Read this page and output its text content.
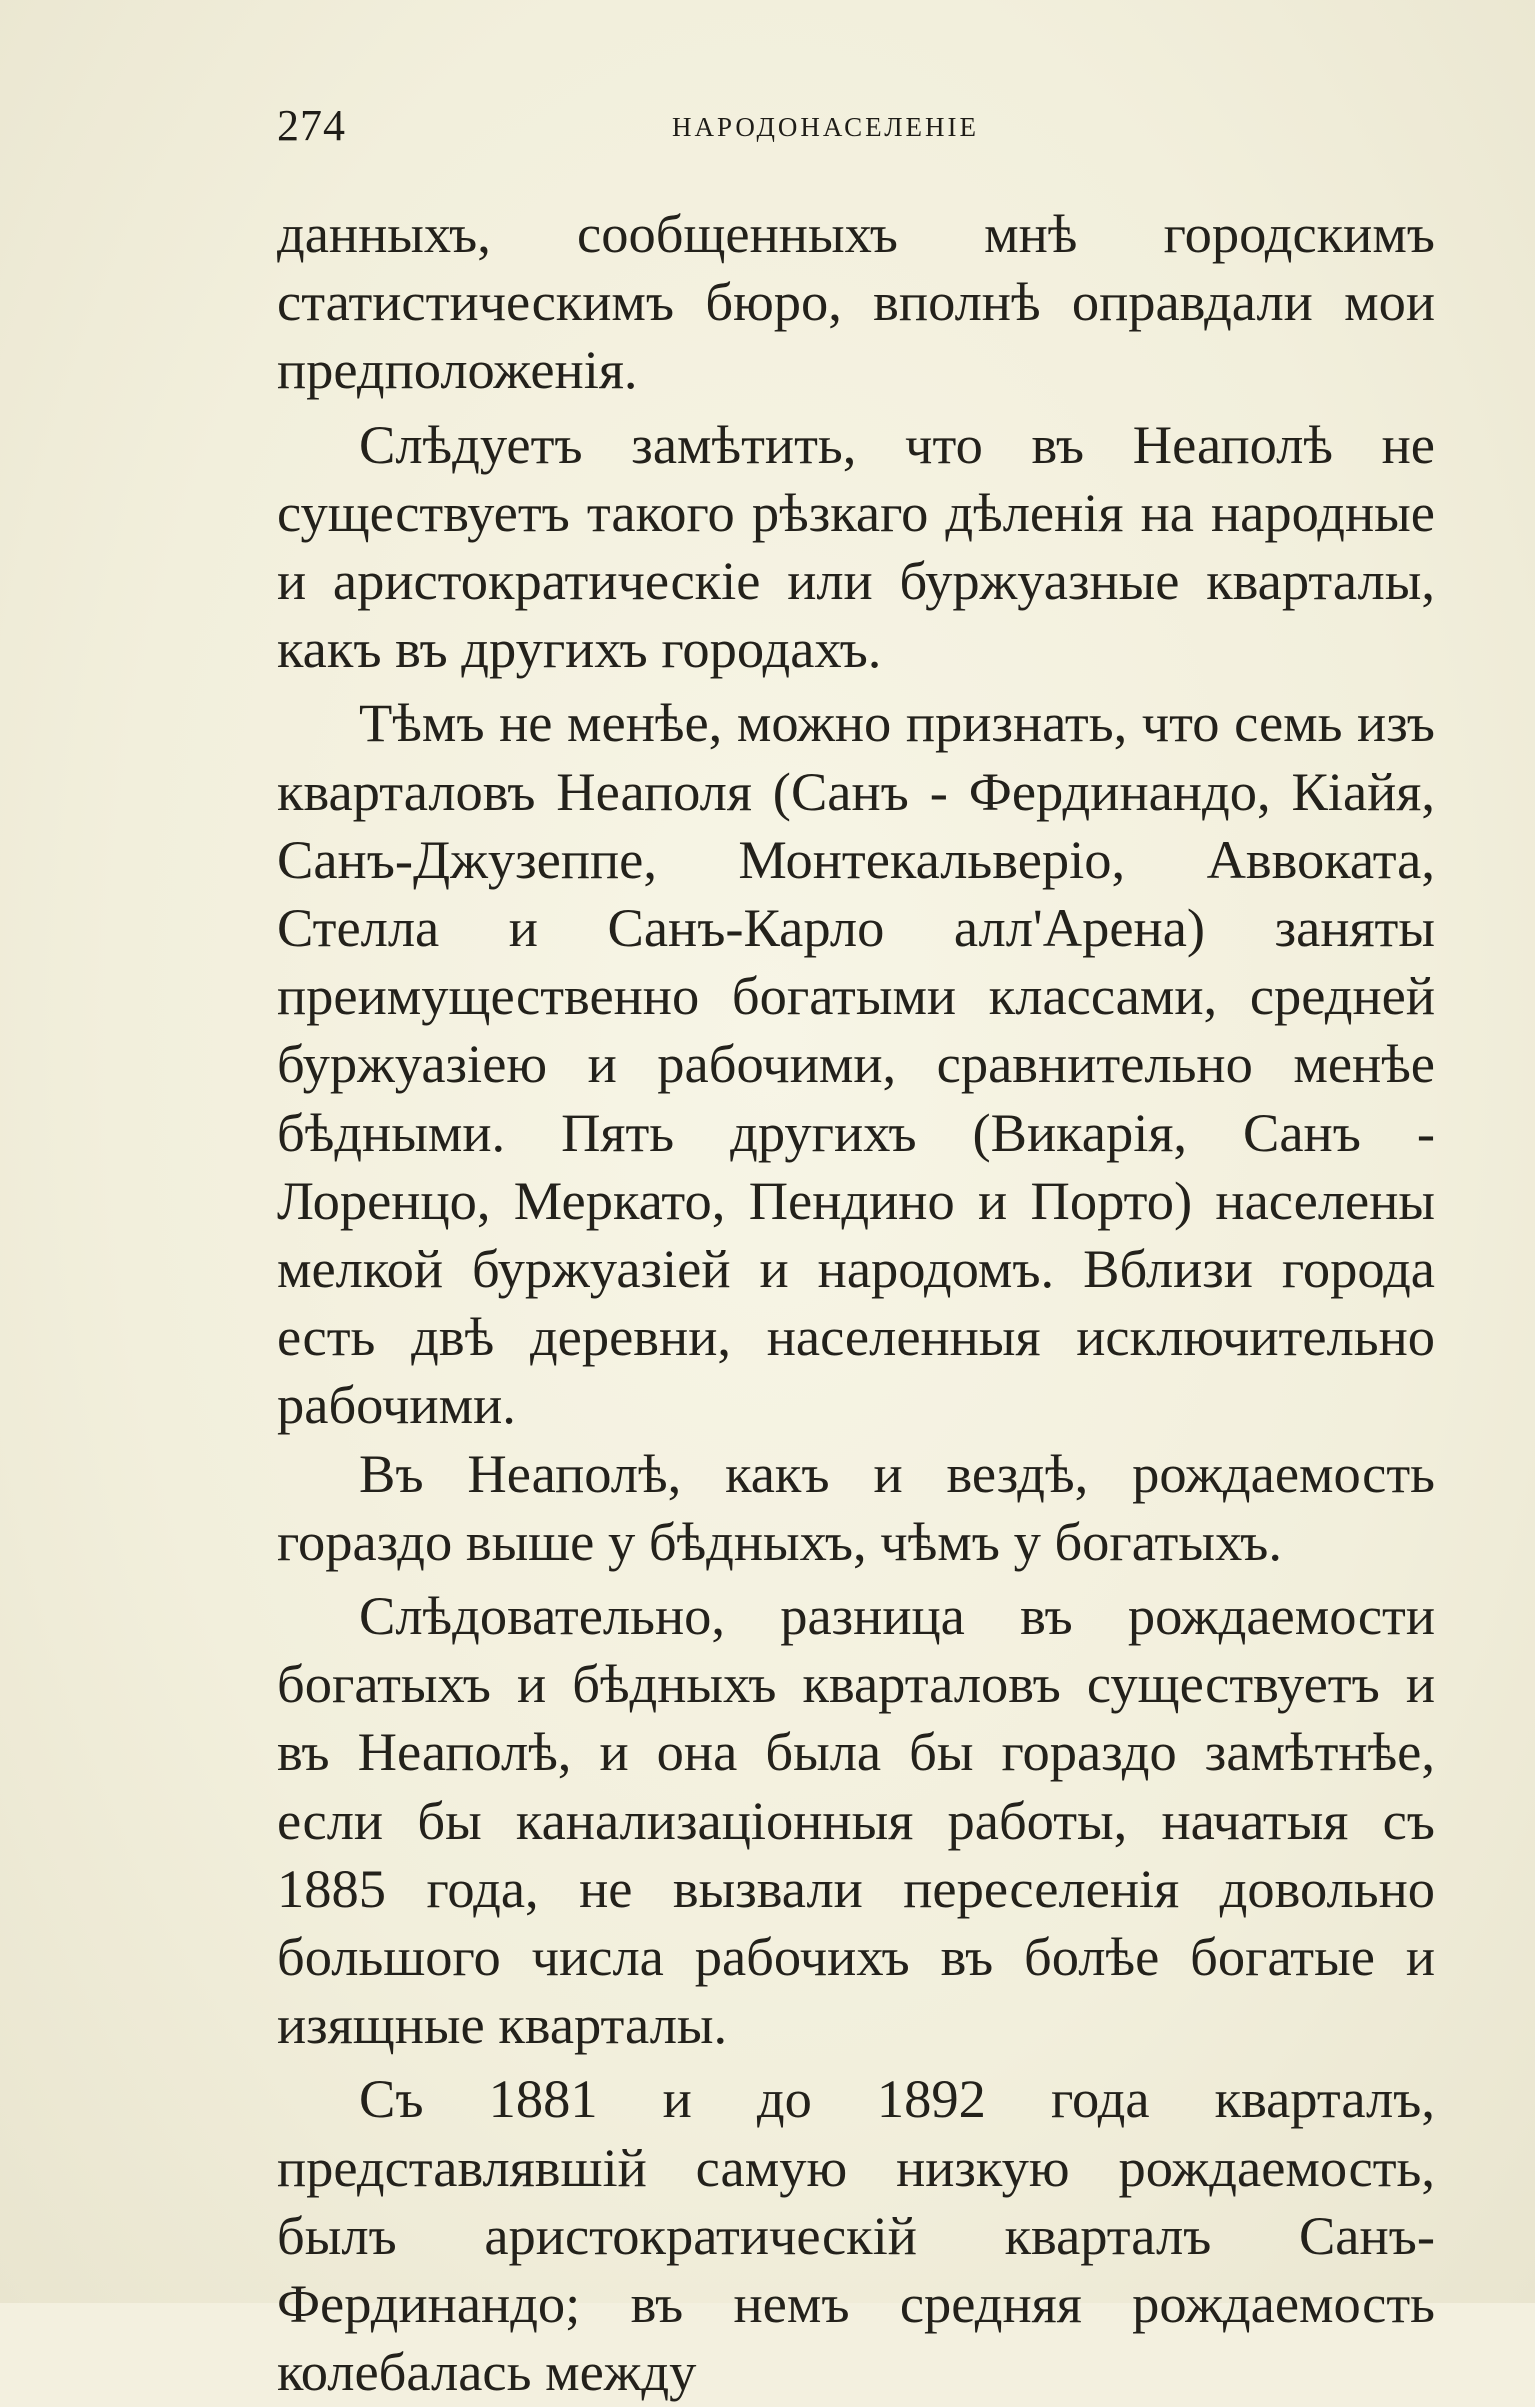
274	НАРОДОНАСЕЛЕНIЕ

данныхъ, сообщенныхъ мнѣ городскимъ статистическимъ бюро, вполнѣ оправдали мои предположенія.

Слѣдуетъ замѣтить, что въ Неаполѣ не существуетъ такого рѣзкаго дѣленія на народные и аристократическіе или буржуазные кварталы, какъ въ другихъ городахъ.

Тѣмъ не менѣе, можно признать, что семь изъ кварталовъ Неаполя (Санъ - Фердинандо, Кіайя, Санъ-Джузеппе, Монтекальверіо, Аввоката, Стелла и Санъ-Карло алл'Арена) заняты преимущественно богатыми классами, средней буржуазіею и рабочими, сравнительно менѣе бѣдными. Пять другихъ (Викарія, Санъ - Лоренцо, Меркато, Пендино и Порто) населены мелкой буржуазіей и народомъ. Вблизи города есть двѣ деревни, населенныя исключительно рабочими.

Въ Неаполѣ, какъ и вездѣ, рождаемость гораздо выше у бѣдныхъ, чѣмъ у богатыхъ.

Слѣдовательно, разница въ рождаемости богатыхъ и бѣдныхъ кварталовъ существуетъ и въ Неаполѣ, и она была бы гораздо замѣтнѣе, если бы канализаціонныя работы, начатыя съ 1885 года, не вызвали переселенія довольно большого числа рабочихъ въ болѣе богатые и изящные кварталы.

Съ 1881 и до 1892 года кварталъ, представлявшій самую низкую рождаемость, былъ аристократическій кварталъ Санъ-Фердинандо; въ немъ средняя рождаемость колебалась между
